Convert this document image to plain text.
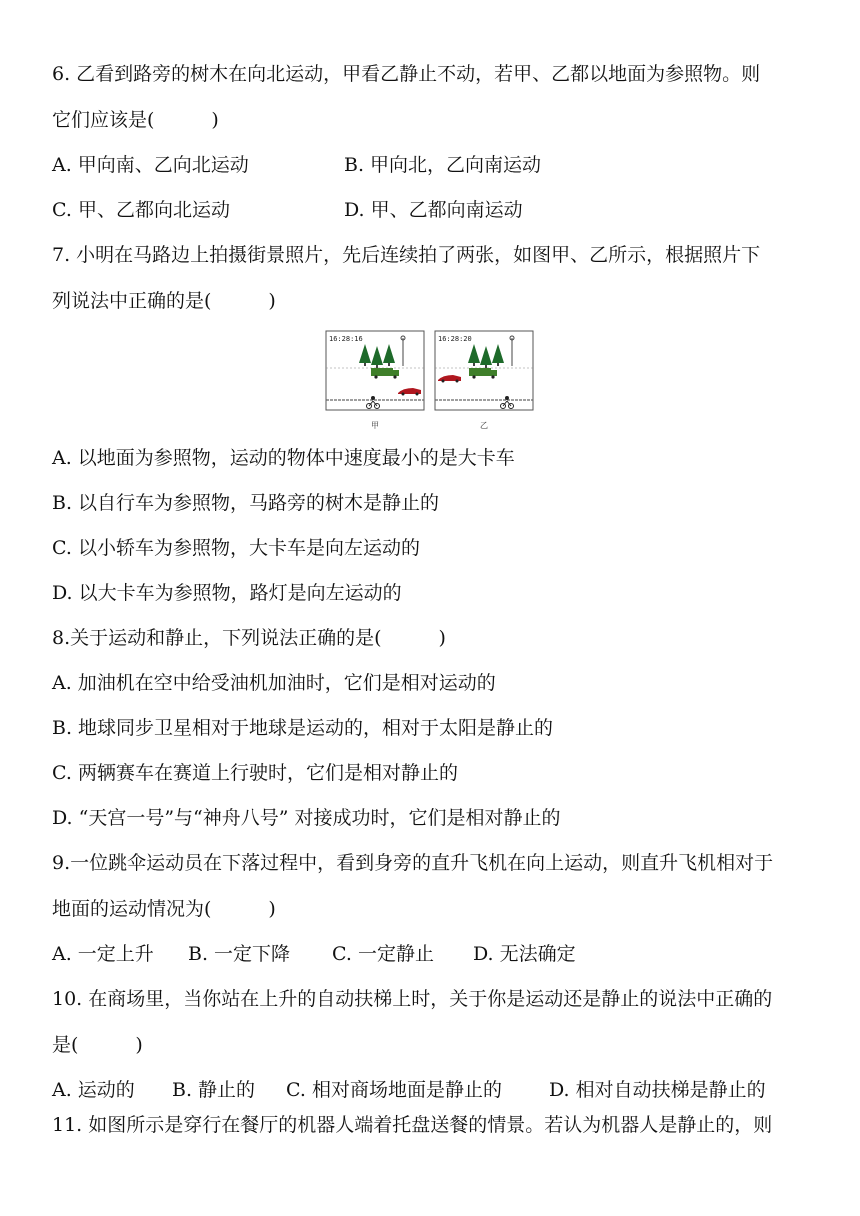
6. 乙看到路旁的树木在向北运动，甲看乙静止不动，若甲、乙都以地面为参照物。则
它们应该是(　　　)
A. 甲向南、乙向北运动	B. 甲向北，乙向南运动
C. 甲、乙都向北运动	D. 甲、乙都向南运动
7. 小明在马路边上拍摄街景照片，先后连续拍了两张，如图甲、乙所示，根据照片下
列说法中正确的是(　　　)
16:28:16
甲
16:28:20
乙
A. 以地面为参照物，运动的物体中速度最小的是大卡车
B. 以自行车为参照物，马路旁的树木是静止的
C. 以小轿车为参照物，大卡车是向左运动的
D. 以大卡车为参照物，路灯是向左运动的
8.关于运动和静止，下列说法正确的是(　　　)
A. 加油机在空中给受油机加油时，它们是相对运动的
B. 地球同步卫星相对于地球是运动的，相对于太阳是静止的
C. 两辆赛车在赛道上行驶时，它们是相对静止的
D. “天宫一号”与“神舟八号” 对接成功时，它们是相对静止的
9.一位跳伞运动员在下落过程中，看到身旁的直升飞机在向上运动，则直升飞机相对于
地面的运动情况为(　　　)
A. 一定上升 B. 一定下降 C. 一定静止 D. 无法确定
10. 在商场里，当你站在上升的自动扶梯上时，关于你是运动还是静止的说法中正确的
是(　　　)
A. 运动的 B. 静止的 C. 相对商场地面是静止的 D. 相对自动扶梯是静止的
11. 如图所示是穿行在餐厅的机器人端着托盘送餐的情景。若认为机器人是静止的，则
